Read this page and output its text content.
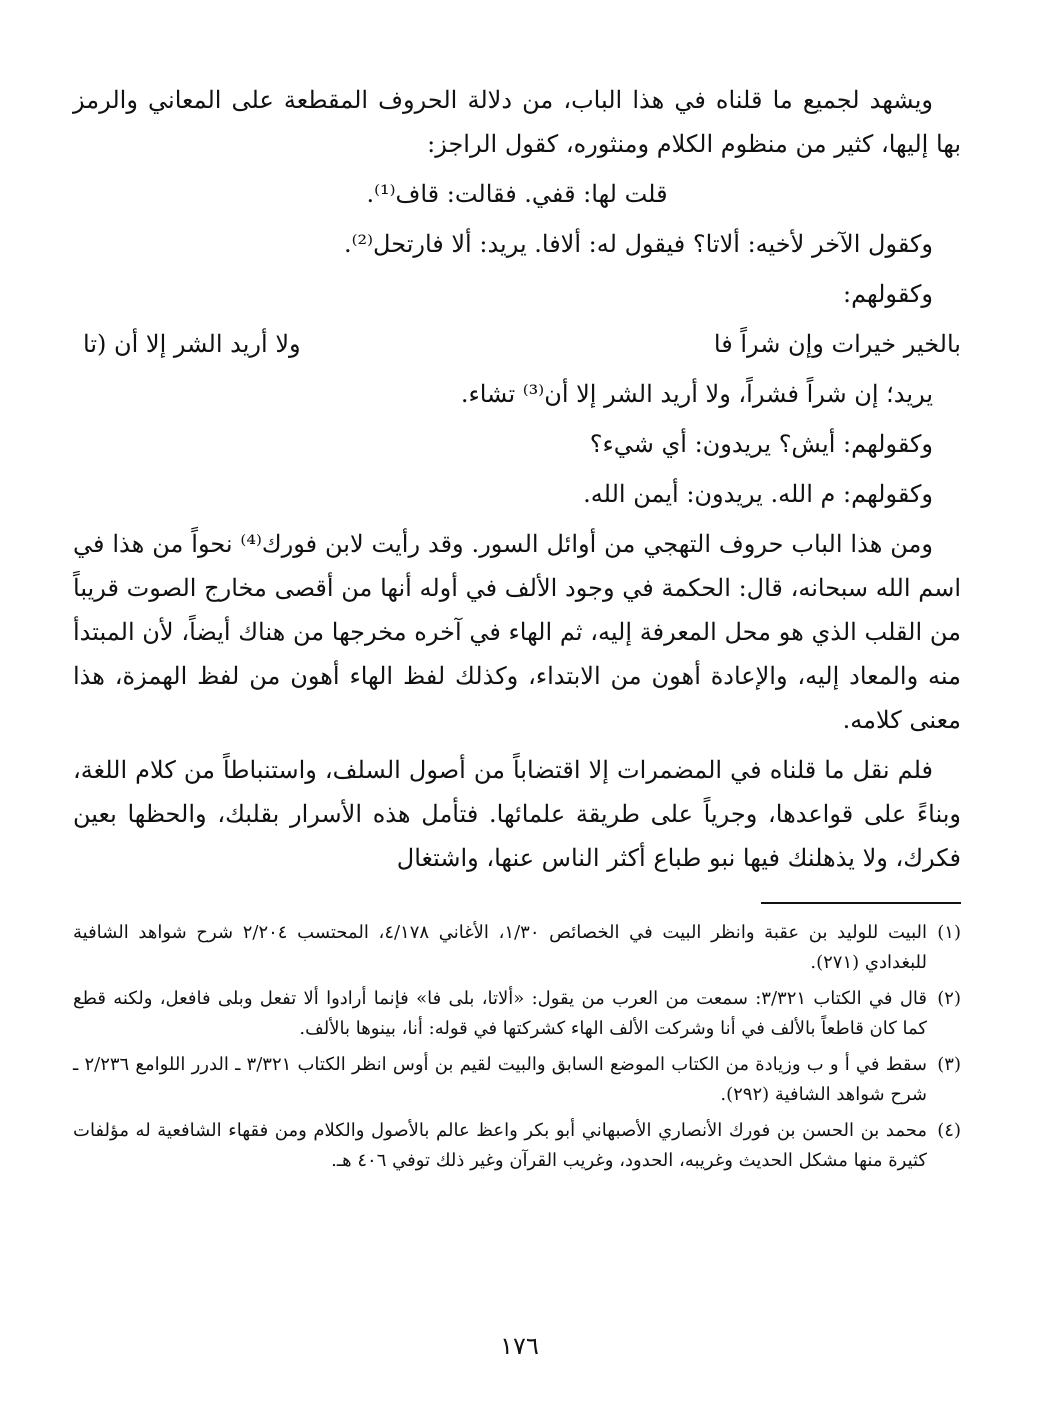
ويشهد لجميع ما قلناه في هذا الباب، من دلالة الحروف المقطعة على المعاني والرمز بها إليها، كثير من منظوم الكلام ومنثوره، كقول الراجز:

قلت لها: قفي. فقالت: قاف⁽¹⁾.

وكقول الآخر لأخيه: ألاتا؟ فيقول له: ألافا. يريد: ألا فارتحل⁽²⁾.

وكقولهم:

بالخير خيرات وإن شراً فا
ولا أريد الشر إلا أن (تا

يريد؛ إن شراً فشراً، ولا أريد الشر إلا أن⁽³⁾ تشاء.

وكقولهم: أيش؟ يريدون: أي شيء؟

وكقولهم: م الله. يريدون: أيمن الله.

ومن هذا الباب حروف التهجي من أوائل السور. وقد رأيت لابن فورك⁽⁴⁾ نحواً من هذا في اسم الله سبحانه، قال: الحكمة في وجود الألف في أوله أنها من أقصى مخارج الصوت قريباً من القلب الذي هو محل المعرفة إليه، ثم الهاء في آخره مخرجها من هناك أيضاً، لأن المبتدأ منه والمعاد إليه، والإعادة أهون من الابتداء، وكذلك لفظ الهاء أهون من لفظ الهمزة، هذا معنى كلامه.

فلم نقل ما قلناه في المضمرات إلا اقتضاباً من أصول السلف، واستنباطاً من كلام اللغة، وبناءً على قواعدها، وجرياً على طريقة علمائها. فتأمل هذه الأسرار بقلبك، والحظها بعين فكرك، ولا يذهلنك فيها نبو طباع أكثر الناس عنها، واشتغال

(١)
البيت للوليد بن عقبة وانظر البيت في الخصائص ١/٣٠، الأغاني ٤/١٧٨، المحتسب ٢/٢٠٤ شرح شواهد الشافية للبغدادي (٢٧١).
(٢)
قال في الكتاب ٣/٣٢١: سمعت من العرب من يقول: «ألاتا، بلى فا» فإنما أرادوا ألا تفعل وبلى فافعل، ولكنه قطع كما كان قاطعاً بالألف في أنا وشركت الألف الهاء كشركتها في قوله: أنا، بينوها بالألف.
(٣)
سقط في أ و ب وزيادة من الكتاب الموضع السابق والبيت لقيم بن أوس انظر الكتاب ٣/٣٢١ ـ الدرر اللوامع ٢/٢٣٦ ـ شرح شواهد الشافية (٢٩٢).
(٤)
محمد بن الحسن بن فورك الأنصاري الأصبهاني أبو بكر واعظ عالم بالأصول والكلام ومن فقهاء الشافعية له مؤلفات كثيرة منها مشكل الحديث وغريبه، الحدود، وغريب القرآن وغير ذلك توفي ٤٠٦ هـ.
١٧٦
